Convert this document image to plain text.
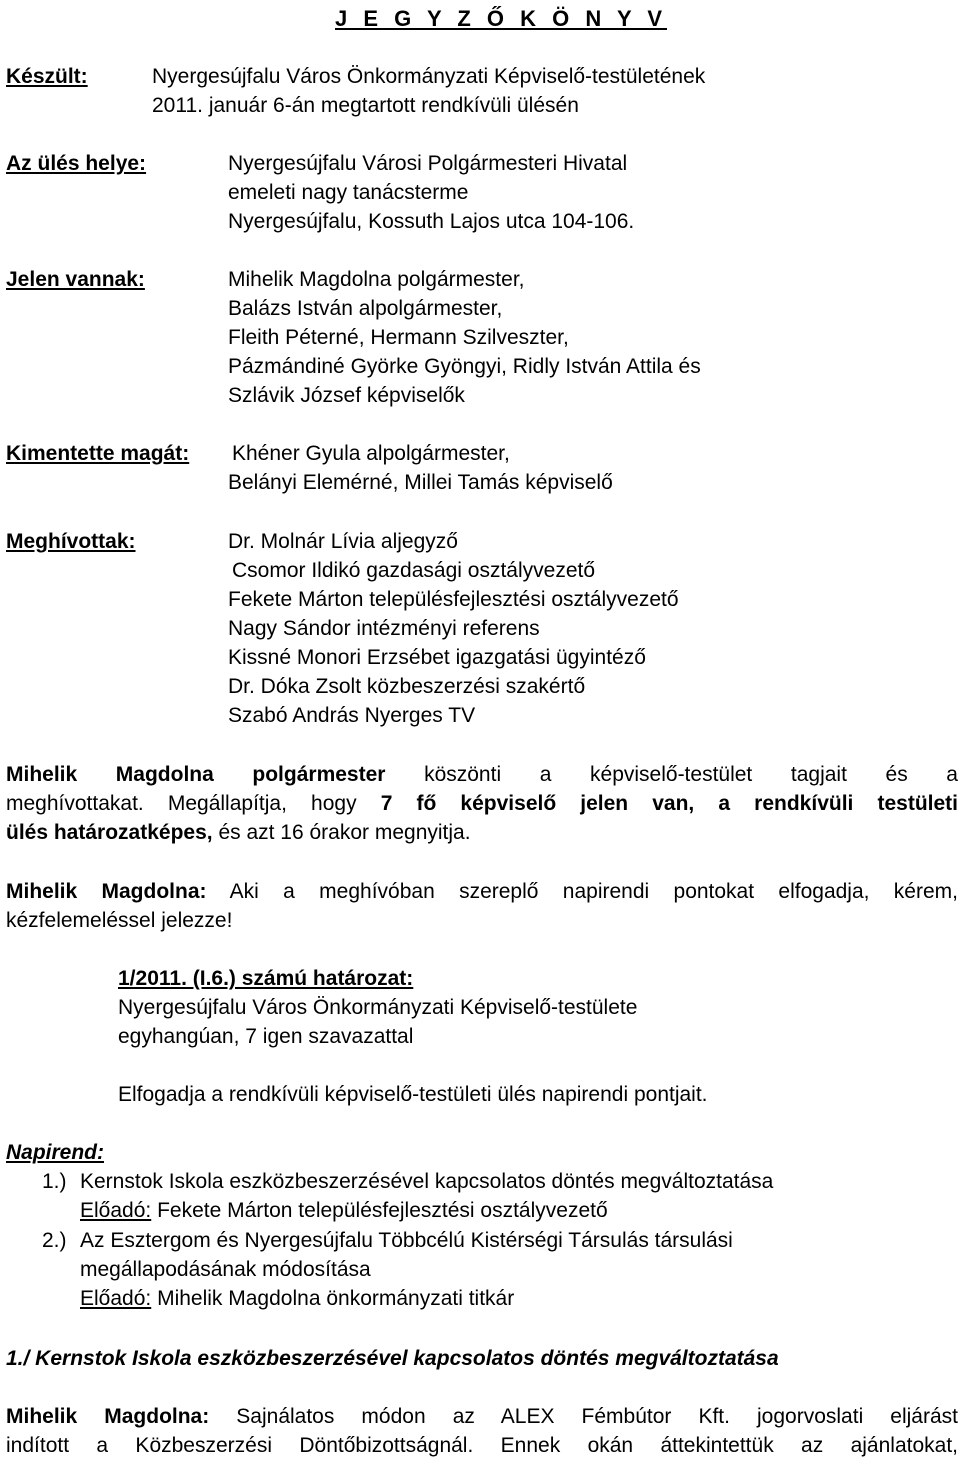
J E G Y Z Ő K Ö N Y V
Készült:	Nyergesújfalu Város Önkormányzati Képviselő-testületének
2011. január 6-án megtartott rendkívüli ülésén
Az ülés helye:	Nyergesújfalu Városi Polgármesteri Hivatal
emeleti nagy tanácsterme
Nyergesújfalu, Kossuth Lajos utca 104-106.
Jelen vannak:	Mihelik Magdolna polgármester,
Balázs István alpolgármester,
Fleith Péterné, Hermann Szilveszter,
Pázmándiné Györke Gyöngyi, Ridly István Attila és
Szlávik József képviselők
Kimentette magát: Khéner Gyula alpolgármester,
Belányi Elemérné, Millei Tamás képviselő
Meghívottak:	Dr. Molnár Lívia aljegyző
Csomor Ildikó gazdasági osztályvezető
Fekete Márton településfejlesztési osztályvezető
Nagy Sándor intézményi referens
Kissné Monori Erzsébet igazgatási ügyintéző
Dr. Dóka Zsolt közbeszerzési szakértő
Szabó András Nyerges TV
Mihelik Magdolna polgármester köszönti a képviselő-testület tagjait és a
meghívottakat. Megállapítja, hogy 7 fő képviselő jelen van, a rendkívüli testületi
ülés határozatképes, és azt 16 órakor megnyitja.
Mihelik Magdolna: Aki a meghívóban szereplő napirendi pontokat elfogadja, kérem,
kézfelemeléssel jelezze!
1/2011. (I.6.) számú határozat:
Nyergesújfalu Város Önkormányzati Képviselő-testülete
egyhangúan, 7 igen szavazattal
Elfogadja a rendkívüli képviselő-testületi ülés napirendi pontjait.
Napirend:
1.) Kernstok Iskola eszközbeszerzésével kapcsolatos döntés megváltoztatása
Előadó: Fekete Márton településfejlesztési osztályvezető
2.) Az Esztergom és Nyergesújfalu Többcélú Kistérségi Társulás társulási
megállapodásának módosítása
Előadó: Mihelik Magdolna önkormányzati titkár
1./ Kernstok Iskola eszközbeszerzésével kapcsolatos döntés megváltoztatása
Mihelik Magdolna: Sajnálatos módon az ALEX Fémbútor Kft. jogorvoslati eljárást
indított a Közbeszerzési Döntőbizottságnál. Ennek okán áttekintettük az ajánlatokat,
